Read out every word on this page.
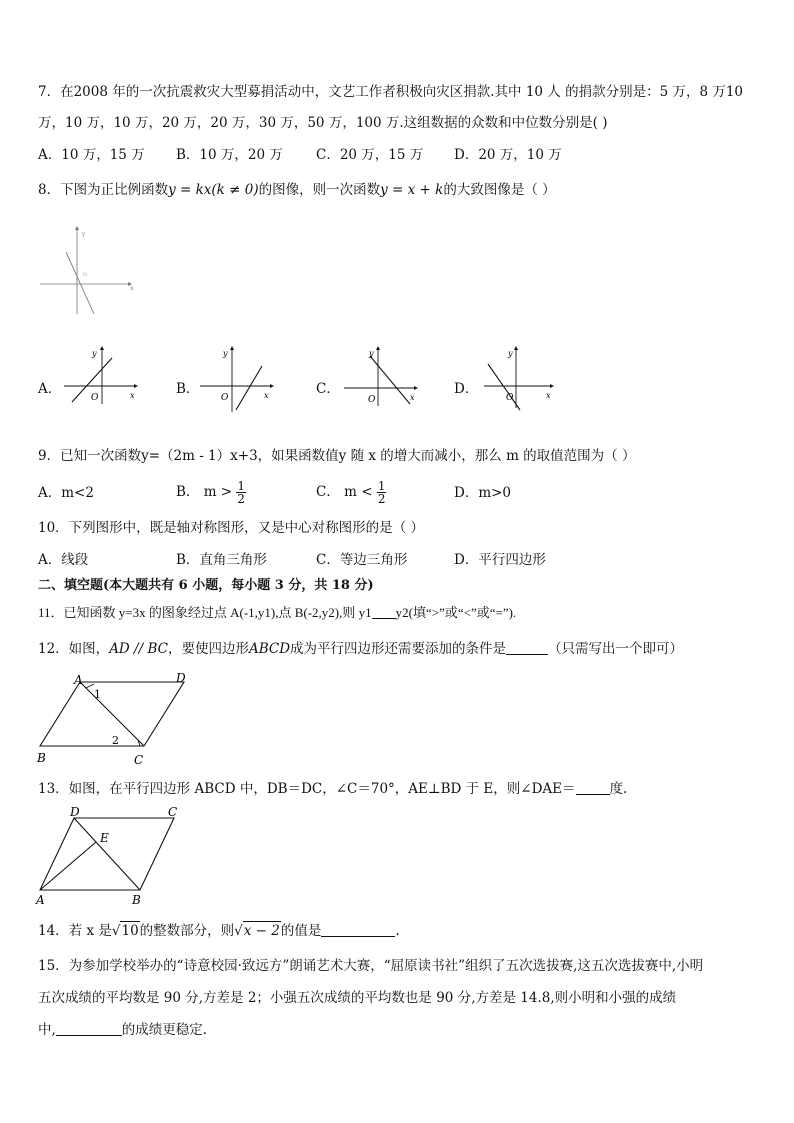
7．在2008 年的一次抗震救灾大型募捐活动中，文艺工作者积极向灾区捐款.其中 10 人 的捐款分别是：5 万，8 万10
万，10 万，10 万，20 万，20 万，30 万，50 万，100 万.这组数据的众数和中位数分别是( )
A．10 万，15 万 B．10 万，20 万 C．20 万，15 万 D．20 万，10 万
8．下图为正比例函数y = kx(k ≠ 0)的图像，则一次函数y = x + k的大致图像是（ ）
y
x
O
A．
y
x
O
B．
y
x
O
C．
y
x
O
D．
y
x
O
9．已知一次函数y=（2m - 1）x+3，如果函数值y 随 x 的增大而减小，那么 m 的取值范围为（ ）
A．m<2	B． $m > \frac{1}{2}$	C． $m < \frac{1}{2}$	D．m>0
10．下列图形中，既是轴对称图形，又是中心对称图形的是（ ）
A．线段	B．直角三角形	C．等边三角形	D．平行四边形
二、填空题(本大题共有 6 小题，每小题 3 分，共 18 分)
11．已知函数 y=3x 的图象经过点 A(-1,y1),点 B(-2,y2),则 y1 y2(填“>”或“<”或“=”).
12．如图，AD // BC，要使四边形ABCD成为平行四边形还需要添加的条件是	（只需写出一个即可）
A	D
B	C
1
2
13．如图，在平行四边形 ABCD 中，DB＝DC，∠C＝70°，AE⊥BD 于 E，则∠DAE＝	度.
D	C
E
A	B
14．若 x 是√10的整数部分，则√x − 2的值是	.
15．为参加学校举办的“诗意校园·致远方”朗诵艺术大赛，“屈原读书社”组织了五次选拔赛,这五次选拔赛中,小明
五次成绩的平均数是 90 分,方差是 2；小强五次成绩的平均数也是 90 分,方差是 14.8,则小明和小强的成绩
中,	的成绩更稳定.
